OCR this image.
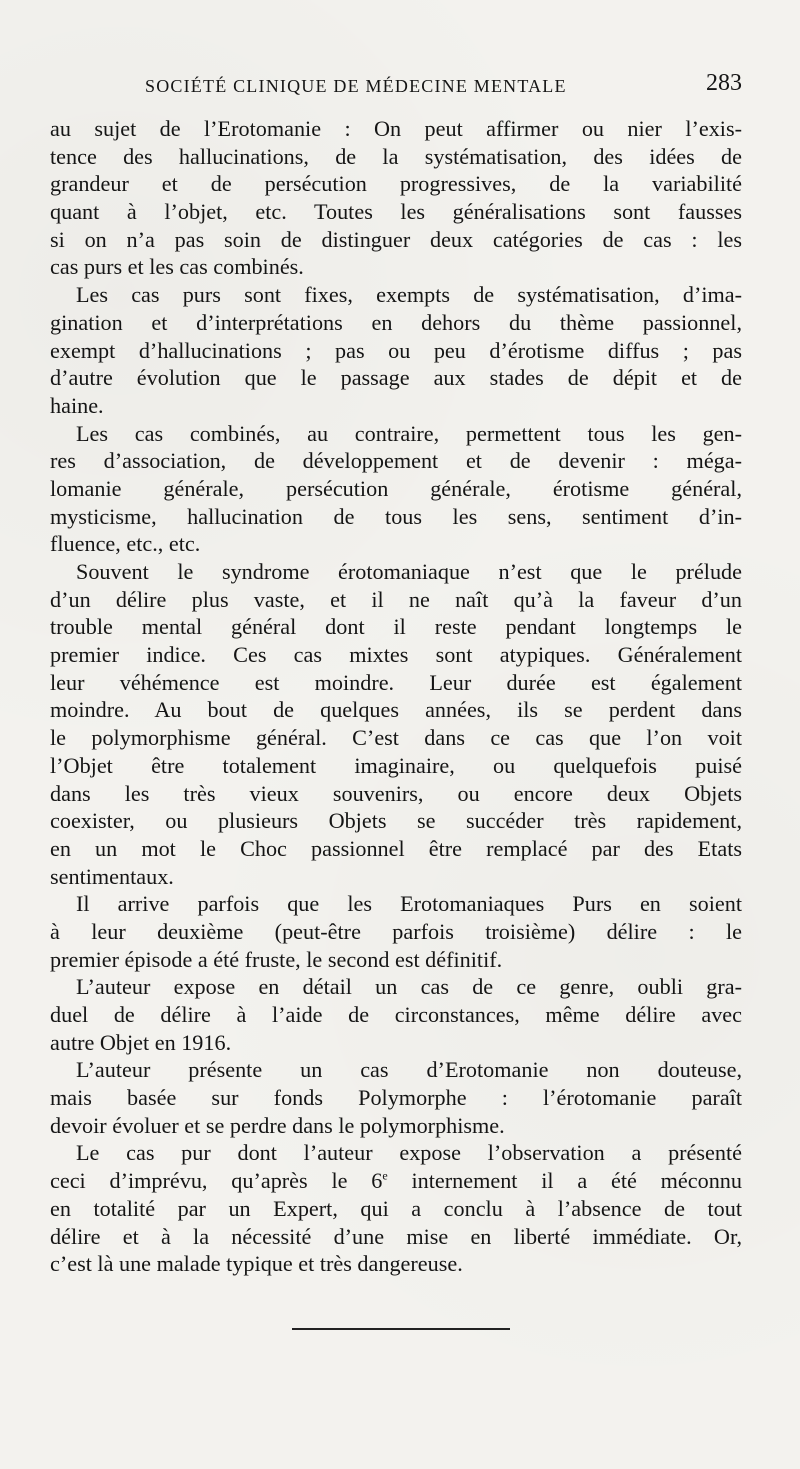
SOCIÉTÉ CLINIQUE DE MÉDECINE MENTALE	283
au sujet de l’Erotomanie : On peut affirmer ou nier l’exis-
tence des hallucinations, de la systématisation, des idées de
grandeur et de persécution progressives, de la variabilité
quant à l’objet, etc. Toutes les généralisations sont fausses
si on n’a pas soin de distinguer deux catégories de cas : les
cas purs et les cas combinés.
Les cas purs sont fixes, exempts de systématisation, d’ima-
gination et d’interprétations en dehors du thème passionnel,
exempt d’hallucinations ; pas ou peu d’érotisme diffus ; pas
d’autre évolution que le passage aux stades de dépit et de
haine.
Les cas combinés, au contraire, permettent tous les gen-
res d’association, de développement et de devenir : méga-
lomanie générale, persécution générale, érotisme général,
mysticisme, hallucination de tous les sens, sentiment d’in-
fluence, etc., etc.
Souvent le syndrome érotomaniaque n’est que le prélude
d’un délire plus vaste, et il ne naît qu’à la faveur d’un
trouble mental général dont il reste pendant longtemps le
premier indice. Ces cas mixtes sont atypiques. Généralement
leur véhémence est moindre. Leur durée est également
moindre. Au bout de quelques années, ils se perdent dans
le polymorphisme général. C’est dans ce cas que l’on voit
l’Objet être totalement imaginaire, ou quelquefois puisé
dans les très vieux souvenirs, ou encore deux Objets
coexister, ou plusieurs Objets se succéder très rapidement,
en un mot le Choc passionnel être remplacé par des Etats
sentimentaux.
Il arrive parfois que les Erotomaniaques Purs en soient
à leur deuxième (peut-être parfois troisième) délire : le
premier épisode a été fruste, le second est définitif.
L’auteur expose en détail un cas de ce genre, oubli gra-
duel de délire à l’aide de circonstances, même délire avec
autre Objet en 1916.
L’auteur présente un cas d’Erotomanie non douteuse,
mais basée sur fonds Polymorphe : l’érotomanie paraît
devoir évoluer et se perdre dans le polymorphisme.
Le cas pur dont l’auteur expose l’observation a présenté
ceci d’imprévu, qu’après le 6e internement il a été méconnu
en totalité par un Expert, qui a conclu à l’absence de tout
délire et à la nécessité d’une mise en liberté immédiate. Or,
c’est là une malade typique et très dangereuse.
